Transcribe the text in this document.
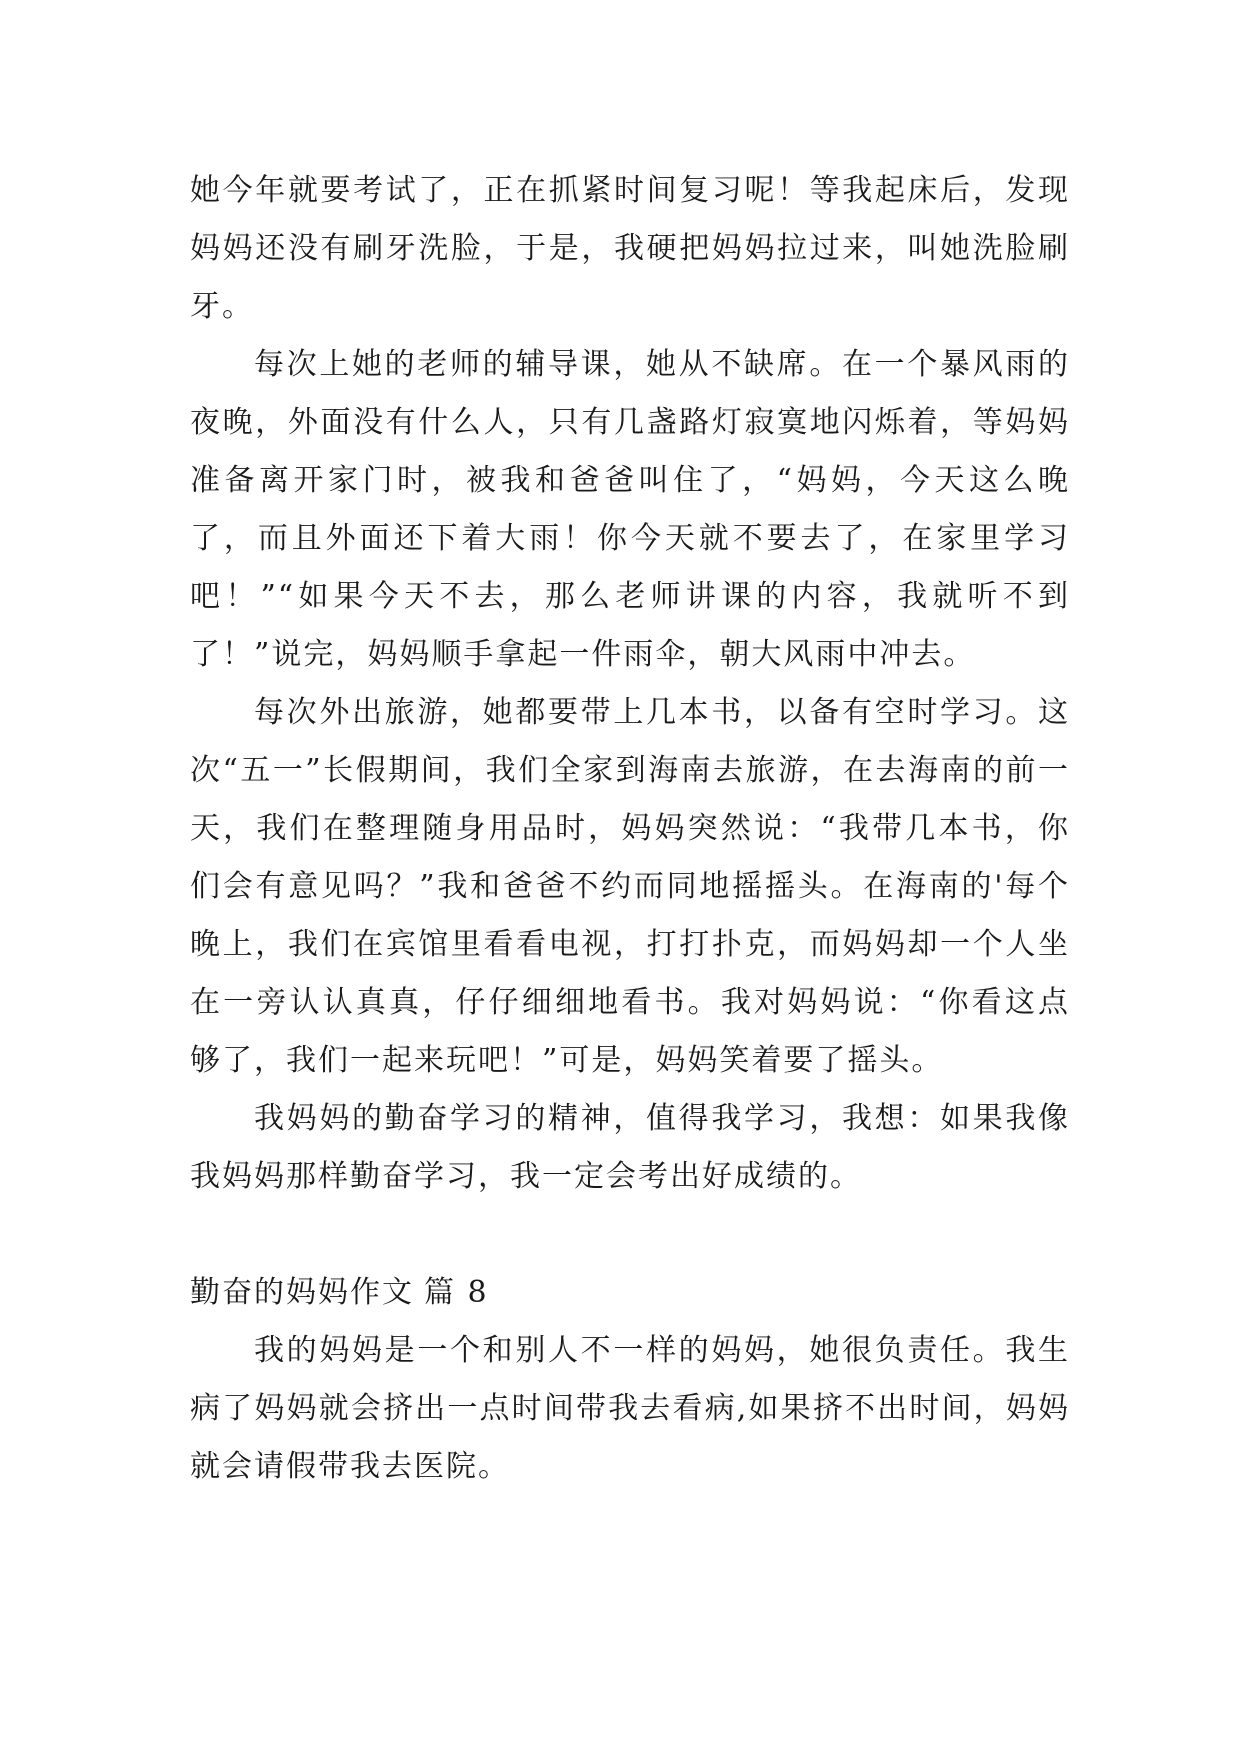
她今年就要考试了，正在抓紧时间复习呢！等我起床后，发现妈妈还没有刷牙洗脸，于是，我硬把妈妈拉过来，叫她洗脸刷牙。

每次上她的老师的辅导课，她从不缺席。在一个暴风雨的夜晚，外面没有什么人，只有几盏路灯寂寞地闪烁着，等妈妈准备离开家门时，被我和爸爸叫住了，“妈妈，今天这么晚了，而且外面还下着大雨！你今天就不要去了，在家里学习吧！”“如果今天不去，那么老师讲课的内容，我就听不到了！”说完，妈妈顺手拿起一件雨伞，朝大风雨中冲去。

每次外出旅游，她都要带上几本书，以备有空时学习。这次“五一”长假期间，我们全家到海南去旅游，在去海南的前一天，我们在整理随身用品时，妈妈突然说：“我带几本书，你们会有意见吗？”我和爸爸不约而同地摇摇头。在海南的'每个晚上，我们在宾馆里看看电视，打打扑克，而妈妈却一个人坐在一旁认认真真，仔仔细细地看书。我对妈妈说：“你看这点够了，我们一起来玩吧！”可是，妈妈笑着要了摇头。

我妈妈的勤奋学习的精神，值得我学习，我想：如果我像我妈妈那样勤奋学习，我一定会考出好成绩的。

勤奋的妈妈作文 篇 8

我的妈妈是一个和别人不一样的妈妈，她很负责任。我生病了妈妈就会挤出一点时间带我去看病,如果挤不出时间，妈妈就会请假带我去医院。
